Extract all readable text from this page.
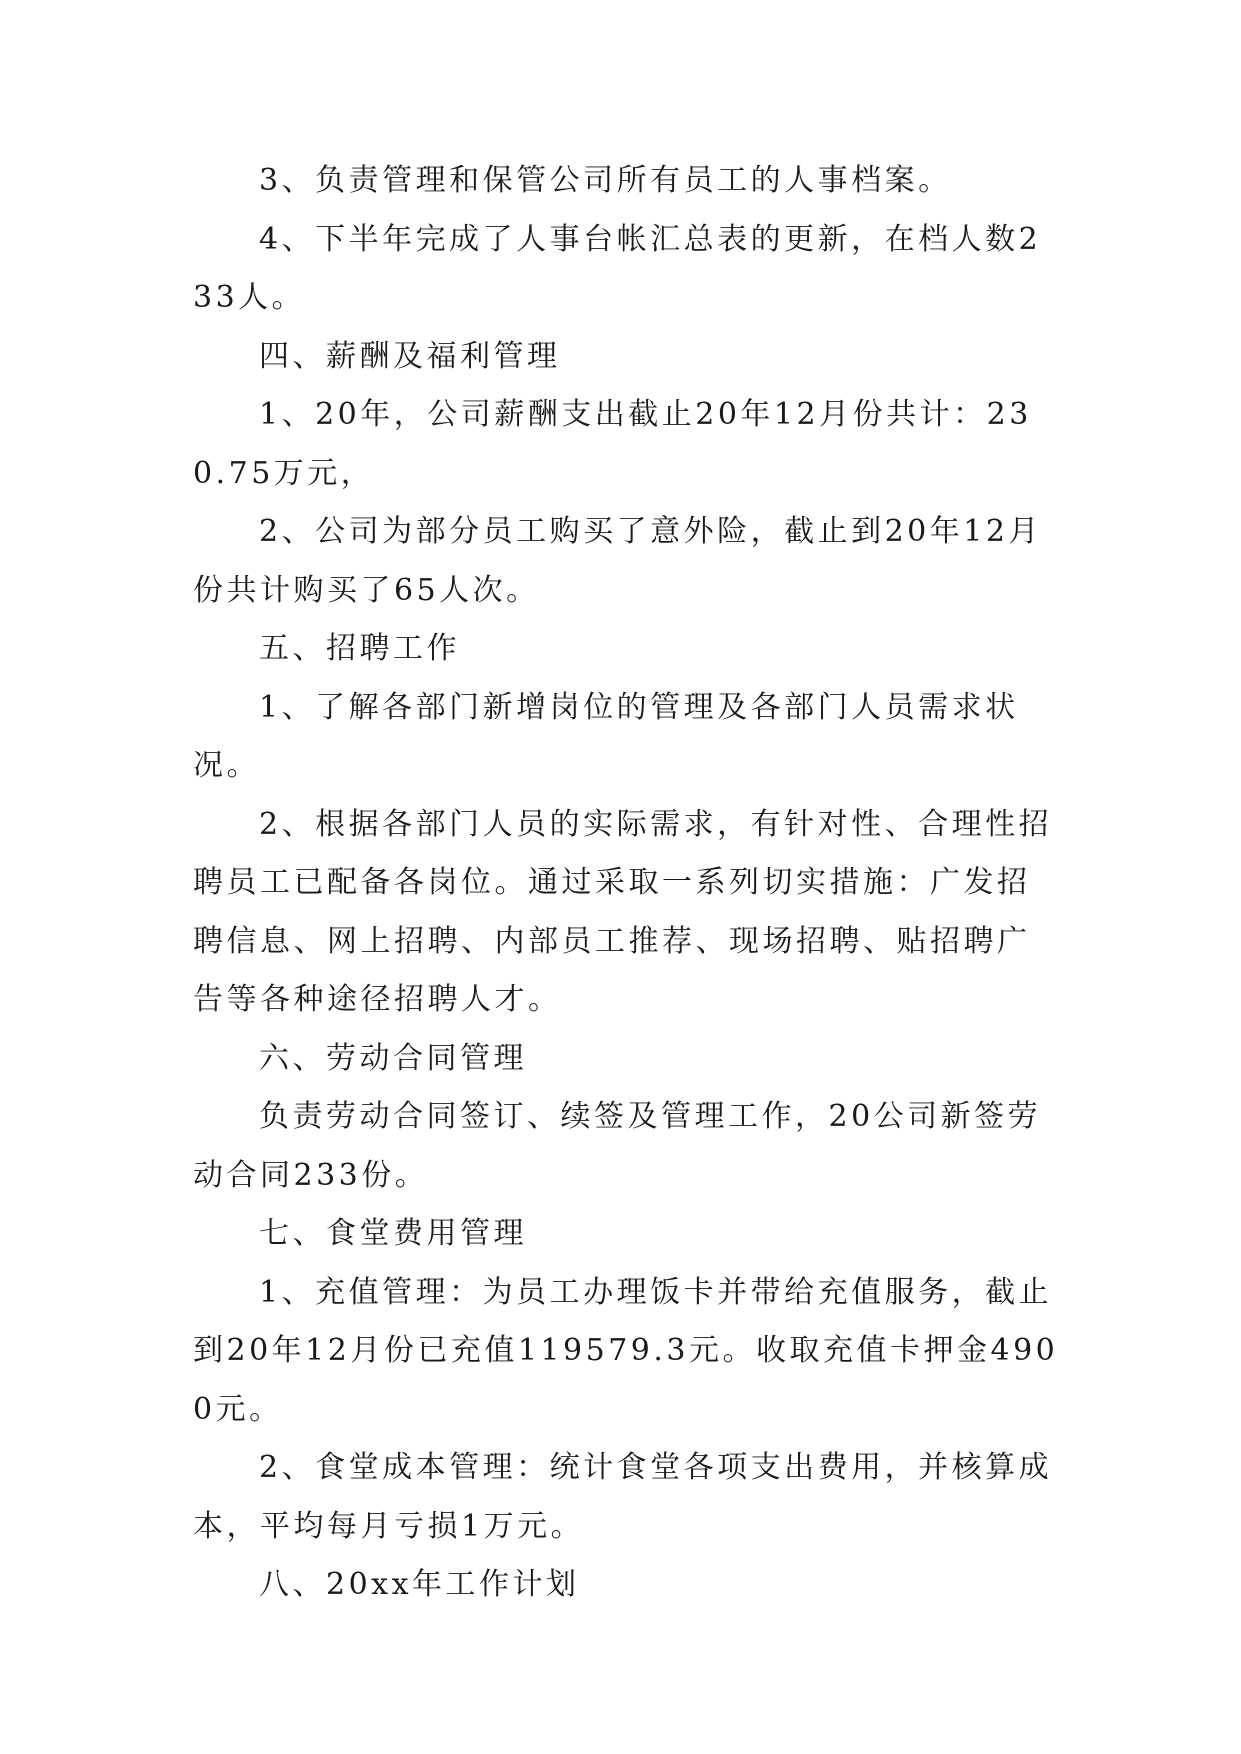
3、负责管理和保管公司所有员工的人事档案。

4、下半年完成了人事台帐汇总表的更新，在档人数233人。

四、薪酬及福利管理

1、20年，公司薪酬支出截止20年12月份共计：230.75万元，

2、公司为部分员工购买了意外险，截止到20年12月份共计购买了65人次。

五、招聘工作

1、了解各部门新增岗位的管理及各部门人员需求状况。

2、根据各部门人员的实际需求，有针对性、合理性招聘员工已配备各岗位。通过采取一系列切实措施：广发招聘信息、网上招聘、内部员工推荐、现场招聘、贴招聘广告等各种途径招聘人才。

六、劳动合同管理

负责劳动合同签订、续签及管理工作，20公司新签劳动合同233份。

七、食堂费用管理

1、充值管理：为员工办理饭卡并带给充值服务，截止到20年12月份已充值119579.3元。收取充值卡押金4900元。

2、食堂成本管理：统计食堂各项支出费用，并核算成本，平均每月亏损1万元。

八、20xx年工作计划
